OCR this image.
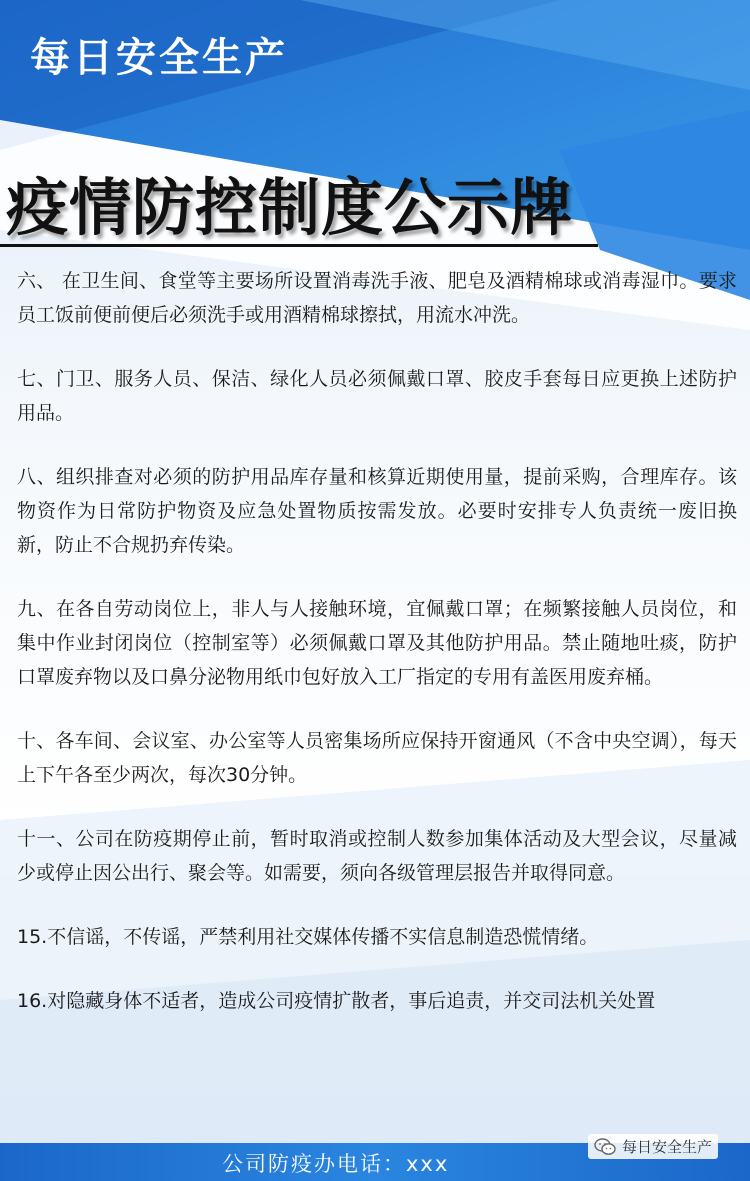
每日安全生产
疫情防控制度公示牌

六、 在卫生间、食堂等主要场所设置消毒洗手液、肥皂及酒精棉球或消毒湿巾。要求员工饭前便前便后必须洗手或用酒精棉球擦拭，用流水冲洗。

七、门卫、服务人员、保洁、绿化人员必须佩戴口罩、胶皮手套每日应更换上述防护用品。

八、组织排查对必须的防护用品库存量和核算近期使用量，提前采购，合理库存。该物资作为日常防护物资及应急处置物质按需发放。必要时安排专人负责统一废旧换新，防止不合规扔弃传染。

九、在各自劳动岗位上，非人与人接触环境，宜佩戴口罩；在频繁接触人员岗位，和集中作业封闭岗位（控制室等）必须佩戴口罩及其他防护用品。禁止随地吐痰，防护口罩废弃物以及口鼻分泌物用纸巾包好放入工厂指定的专用有盖医用废弃桶。

十、各车间、会议室、办公室等人员密集场所应保持开窗通风（不含中央空调），每天上下午各至少两次，每次30分钟。

十一、公司在防疫期停止前，暂时取消或控制人数参加集体活动及大型会议，尽量减少或停止因公出行、聚会等。如需要，须向各级管理层报告并取得同意。

15.不信谣，不传谣，严禁利用社交媒体传播不实信息制造恐慌情绪。

16.对隐藏身体不适者，造成公司疫情扩散者，事后追责，并交司法机关处置

公司防疫办电话：xxx
每日安全生产
